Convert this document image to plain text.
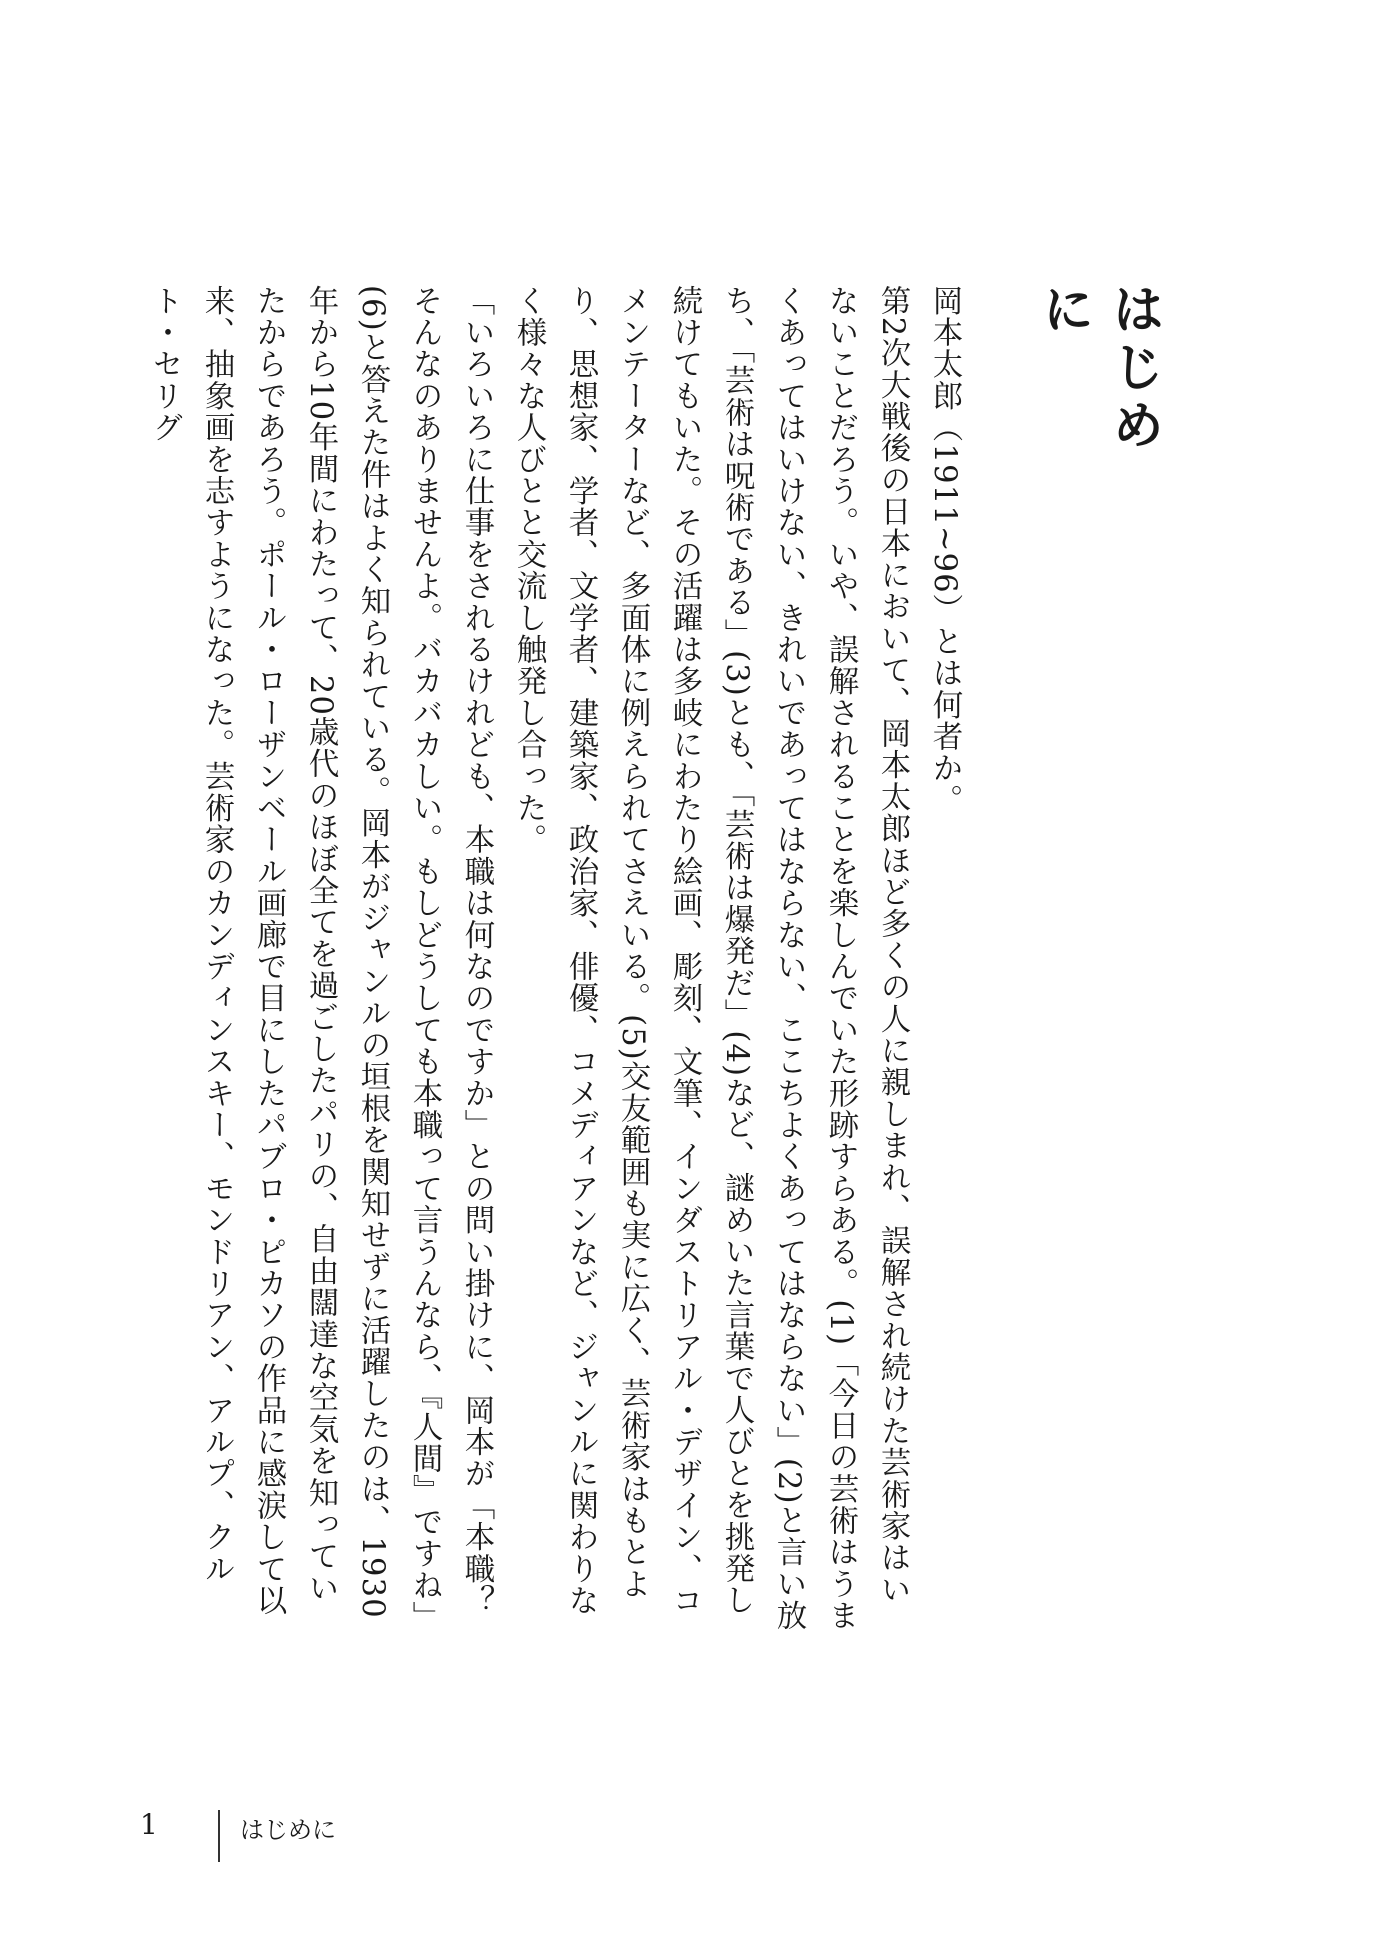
はじめに

岡本太郎（1911~96）とは何者か。

第2次大戦後の日本において、岡本太郎ほど多くの人に親しまれ、誤解され続けた芸術家はいないことだろう。いや、誤解されることを楽しんでいた形跡すらある。(1)「今日の芸術はうまくあってはいけない、きれいであってはならない、ここちよくあってはならない」(2)と言い放ち、「芸術は呪術である」(3)とも、「芸術は爆発だ」(4)など、謎めいた言葉で人びとを挑発し続けてもいた。その活躍は多岐にわたり絵画、彫刻、文筆、インダストリアル・デザイン、コメンテーターなど、多面体に例えられてさえいる。(5)交友範囲も実に広く、芸術家はもとより、思想家、学者、文学者、建築家、政治家、俳優、コメディアンなど、ジャンルに関わりなく様々な人びとと交流し触発し合った。

「いろいろに仕事をされるけれども、本職は何なのですか」との問い掛けに、岡本が「本職？そんなのありませんよ。バカバカしい。もしどうしても本職って言うんなら、『人間』ですね」(6)と答えた件はよく知られている。岡本がジャンルの垣根を関知せずに活躍したのは、1930年から10年間にわたって、20歳代のほぼ全てを過ごしたパリの、自由闊達な空気を知っていたからであろう。ポール・ローザンベール画廊で目にしたパブロ・ピカソの作品に感涙して以来、抽象画を志すようになった。芸術家のカンディンスキー、モンドリアン、アルプ、クルト・セリグ

1	はじめに
